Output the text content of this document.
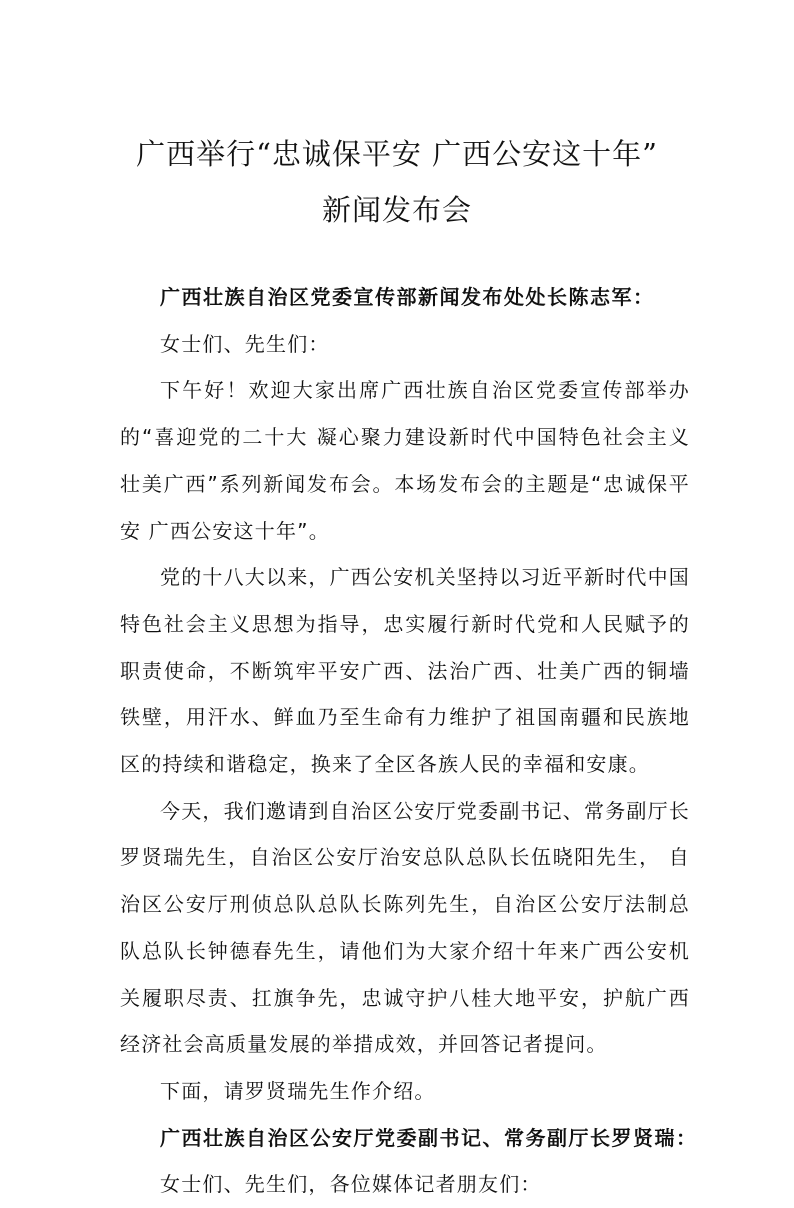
广西举行“忠诚保平安 广西公安这十年”
新闻发布会

广西壮族自治区党委宣传部新闻发布处处长陈志军：

女士们、先生们：

下午好！欢迎大家出席广西壮族自治区党委宣传部举办的“喜迎党的二十大 凝心聚力建设新时代中国特色社会主义壮美广西”系列新闻发布会。本场发布会的主题是“忠诚保平安 广西公安这十年”。

党的十八大以来，广西公安机关坚持以习近平新时代中国特色社会主义思想为指导，忠实履行新时代党和人民赋予的职责使命，不断筑牢平安广西、法治广西、壮美广西的铜墙铁壁，用汗水、鲜血乃至生命有力维护了祖国南疆和民族地区的持续和谐稳定，换来了全区各族人民的幸福和安康。

今天，我们邀请到自治区公安厅党委副书记、常务副厅长罗贤瑞先生，自治区公安厅治安总队总队长伍晓阳先生， 自治区公安厅刑侦总队总队长陈列先生，自治区公安厅法制总队总队长钟德春先生，请他们为大家介绍十年来广西公安机关履职尽责、扛旗争先，忠诚守护八桂大地平安，护航广西经济社会高质量发展的举措成效，并回答记者提问。

下面，请罗贤瑞先生作介绍。

广西壮族自治区公安厅党委副书记、常务副厅长罗贤瑞：

女士们、先生们，各位媒体记者朋友们：
